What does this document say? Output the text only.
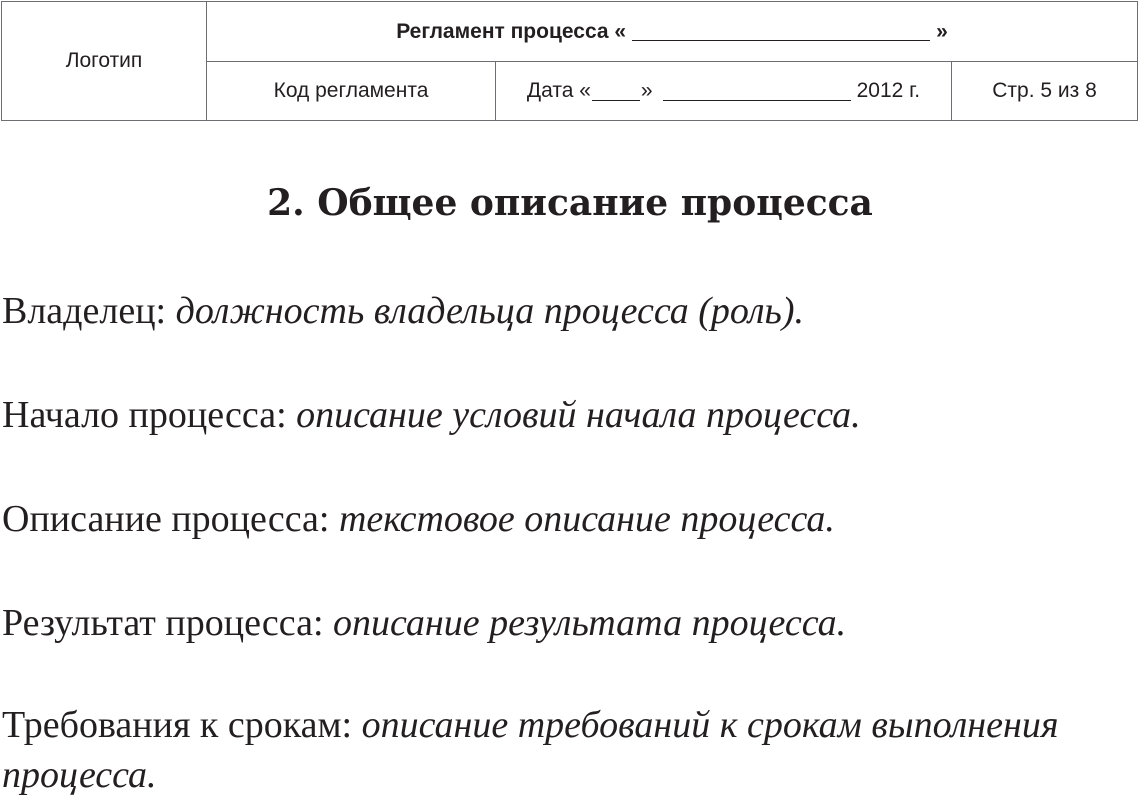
Логотип
Регламент процесса «	»
Код регламента	Дата « »	2012 г.	Стр. 5 из 8
2. Общее описание процесса

Владелец: должность владельца процесса (роль).

Начало процесса: описание условий начала процесса.

Описание процесса: текстовое описание процесса.

Результат процесса: описание результата процесса.

Требования к срокам: описание требований к срокам выполнения процесса.
